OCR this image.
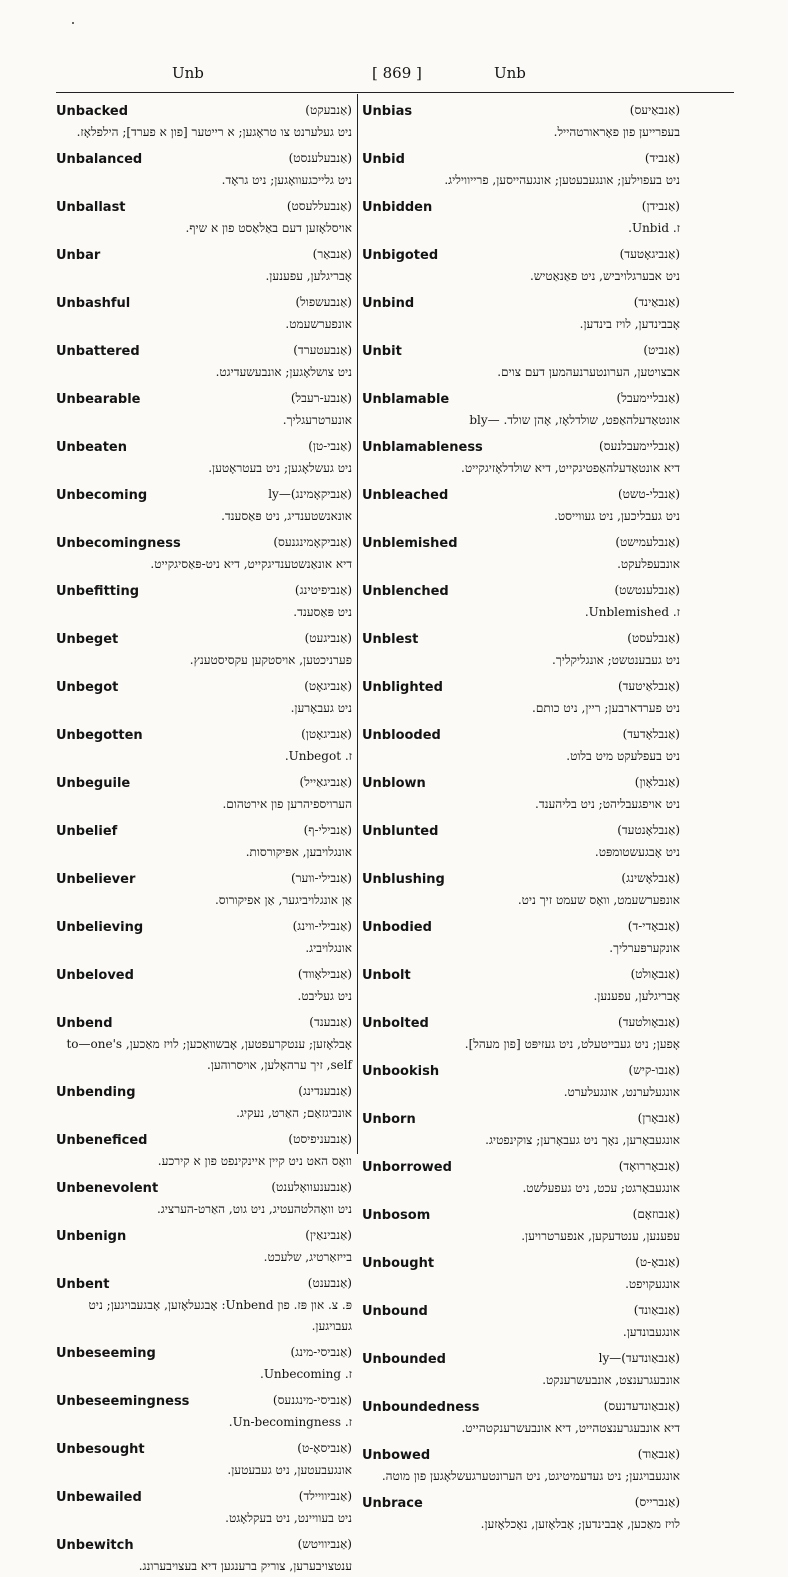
Unb	[ 869 ]	Unb
(אַנבעקט)
Unbacked
ניט געלערנט צו טראָגען; א רייטער [פון א פערד]; הילפלאָז.
(אַנבעלענסט)
Unbalanced
ניט גלייכגעוואָגען; ניט גראָד.
(אַנבעללעסט)
Unballast
אויסלאָזען דעם באַלאַסט פון א שיף.
(אַנבאַר)
Unbar
אָבריגלען, עפענען.
(אַנבעשפול)
Unbashful
אונפערשעמט.
(אַנבעטערד)
Unbattered
ניט צושלאָגען; אונבעשעדיגט.
(אַנבע-רעבל)
Unbearable
אונערטרעגליך.
(אַנבי-טן)
Unbeaten
ניט געשלאָגען; ניט בעטראָטען.
(אַנביקאָמינג)—ly
Unbecoming
אונאנשטענדיג, ניט פּאַסענד.
(אַנביקאָמינגנעס)
Unbecomingness
דיא אונאַנשטענדיגקייט, דיא ניט-פּאַסיגקייט.
(אַנביפיטינג)
Unbefitting
ניט פּאַסענד.
(אַנביגעט)
Unbeget
פערניכטען, אויסטקען עקסיסטענץ.
(אַנביגאָט)
Unbegot
ניט געבאָרען.
(אַנביגאָטן)
Unbegotten
ז. Unbegot.
(אַנביגאַייל)
Unbeguile
הערויספיהרען פון אירטהום.
(אַנבילי-ף)
Unbelief
אונגלויבען, אפּיקורסות.
(אַנבילי-ווער)
Unbeliever
אַן אונגלויביגער, אַן אפיקורוס.
(אַנבילי-ווינג)
Unbelieving
אונגלויביג.
(אַנבילאָווד)
Unbeloved
ניט געליבט.
(אַנבענד)
Unbend
אָבלאָזען; ענטקרעפטען, אָבשוואַכען; לויז מאַכען, to—one's self, זיך ערהאָלען, אויסרוהען.
(אַנבענדינג)
Unbending
אונביגזאַם; האַרט, נעקיג.
(אַנבעניפיסט)
Unbeneficed
וואָס האט ניט קיין איינקינפט פון א קירכע.
(אַנבענעוואָלענט)
Unbenevolent
ניט וואָהלטהעטיג, ניט גוט, האַרט-הערציג.
(אַנבינאַין)
Unbenign
בייזאַרטיג, שלעכט.
(אַנבענט)
Unbent
פּ. צ. און פּז. פון Unbend: אָבגעלאָזען, אָבגעבויגען; ניט געבויגען.
(אַנביסי-מינג)
Unbeseeming
ז. Unbecoming.
(אַנביסי-מינגנעס)
Unbeseemingness
ז. Un-becomingness.
(אַנביסאָ-ט)
Unbesought
אונגעבעטען, ניט געבעטען.
(אַנביוויילד)
Unbewailed
ניט בעוויינט, ניט בעקלאָגט.
(אַנביוויטש)
Unbewitch
ענטצויבערען, צוריק ברענגען דיא בעצויבערונג.
(אַנבאַיעס)
Unbias
בעפרייען פון פאָראורטהייל.
(אַנביד)
Unbid
ניט בעפוילען; אונגעבעטען; אונגעהייסען, פרייוויליג.
(אַנבידן)
Unbidden
ז. Unbid.
(אַנביגאָטעד)
Unbigoted
ניט אבערגלויביש, ניט פאַנאַטיש.
(אַנבאַינד)
Unbind
אָבבינדען, לויז בינדען.
(אַנביט)
Unbit
אבצויטען, הערונטערנעהמען דעם צוים.
(אַנבליימעבל)
Unblamable
אונטאַדעלהאַפט, שולדלאָז, אָהן שולד. —bly
(אַנבליימעבלנעס)
Unblamableness
דיא אונטאַדעלהאַפטיגקייט, דיא שולדלאָזיגקייט.
(אַנבלי-טשט)
Unbleached
ניט געבליכען, ניט געווייסט.
(אַנבלעמישט)
Unblemished
אונבעפלעקט.
(אַנבלענטשט)
Unblenched
ז. Unblemished.
(אַנבלעסט)
Unblest
ניט געבענטשט; אונגליקליך.
(אַנבלאַיטעד)
Unblighted
ניט פערדארבען; ריין, ניט כותם.
(אַנבלאָדעד)
Unblooded
ניט בעפלעקט מיט בלוט.
(אַנבלאָון)
Unblown
ניט אויפגעבליהט; ניט בליהענד.
(אַנבלאָנטעד)
Unblunted
ניט אָבגעשטומפּט.
(אַנבלאָשינג)
Unblushing
אונפערשעמט, וואָס שעמט זיך ניט.
(אַנבאָדי-ד)
Unbodied
אונקערפּערליך.
(אַנבאָולט)
Unbolt
אָבריגלען, עפענען.
(אַנבאָולטעד)
Unbolted
אָפען; ניט געבייטעלט, ניט געזיפּט [פון מעהל].
(אַנבו-קיש)
Unbookish
אונגעלערנט, אונגעלערט.
(אַנבאָרן)
Unborn
אונגעבאָרען, נאָך ניט געבאָרען; צוקינפטיג.
(אַנבאָררואָד)
Unborrowed
אונגעבאָרגט; עכט, ניט געפעלשט.
(אַנבוזאָם)
Unbosom
עפענען, ענטדעקען, אנפערטרויען.
(אַנבאָ-ט)
Unbought
אונגעקויפט.
(אַנבאַונד)
Unbound
אונגעבונדען.
(אַנבאַונדעד)—ly
Unbounded
אונבעגרענצט, אונבעשרענקט.
(אַנבאַונדעדנעס)
Unboundedness
דיא אונבעגרענצטהייט, דיא אונבעשרענקטהייט.
(אַנבאַוד)
Unbowed
אונגעבויגען; ניט געדעמיטיגט, ניט הערונטערגעשלאָגען פון מוטה.
(אַנברייס)
Unbrace
לויז מאַכען, אָבבינדען; אָבלאָזען, נאָכלאָזען.
